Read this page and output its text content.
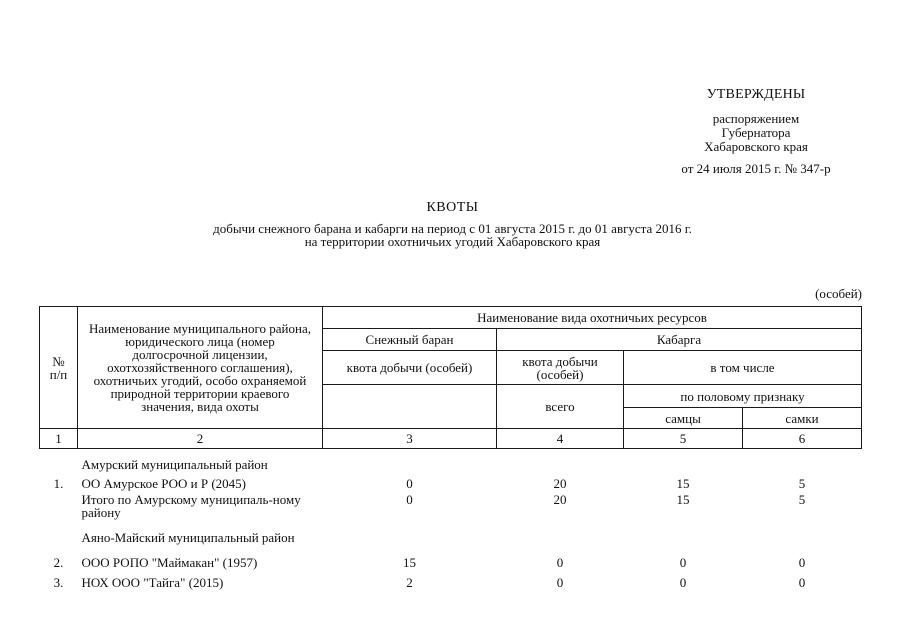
УТВЕРЖДЕНЫ
распоряжением
Губернатора
Хабаровского края
от 24 июля 2015 г. № 347-р
КВОТЫ
добычи снежного барана и кабарги на период с 01 августа 2015 г. до 01 августа 2016 г.
на территории охотничьих угодий Хабаровского края
(особей)
№ п/п	Наименование муниципального района, юридического лица (номер долгосрочной лицензии, охотхозяйственного соглашения), охотничьих угодий, особо охраняемой природной территории краевого значения, вида охоты	Наименование вида охотничьих ресурсов			
		Снежный баран	Кабарга		
		квота добычи (особей)	квота добычи (особей)	в том числе	
			всего	по половому признаку	
				самцы	самки
1	2	3	4	5	6

	Амурский муниципальный район				
1.	ОО Амурское РОО и Р (2045)	0	20	15	5
	Итого по Амурскому муниципаль-ному району	0	20	15	5
	Аяно-Майский муниципальный район				
2.	ООО РОПО "Маймакан" (1957)	15	0	0	0
3.	НОХ ООО "Тайга" (2015)	2	0	0	0
